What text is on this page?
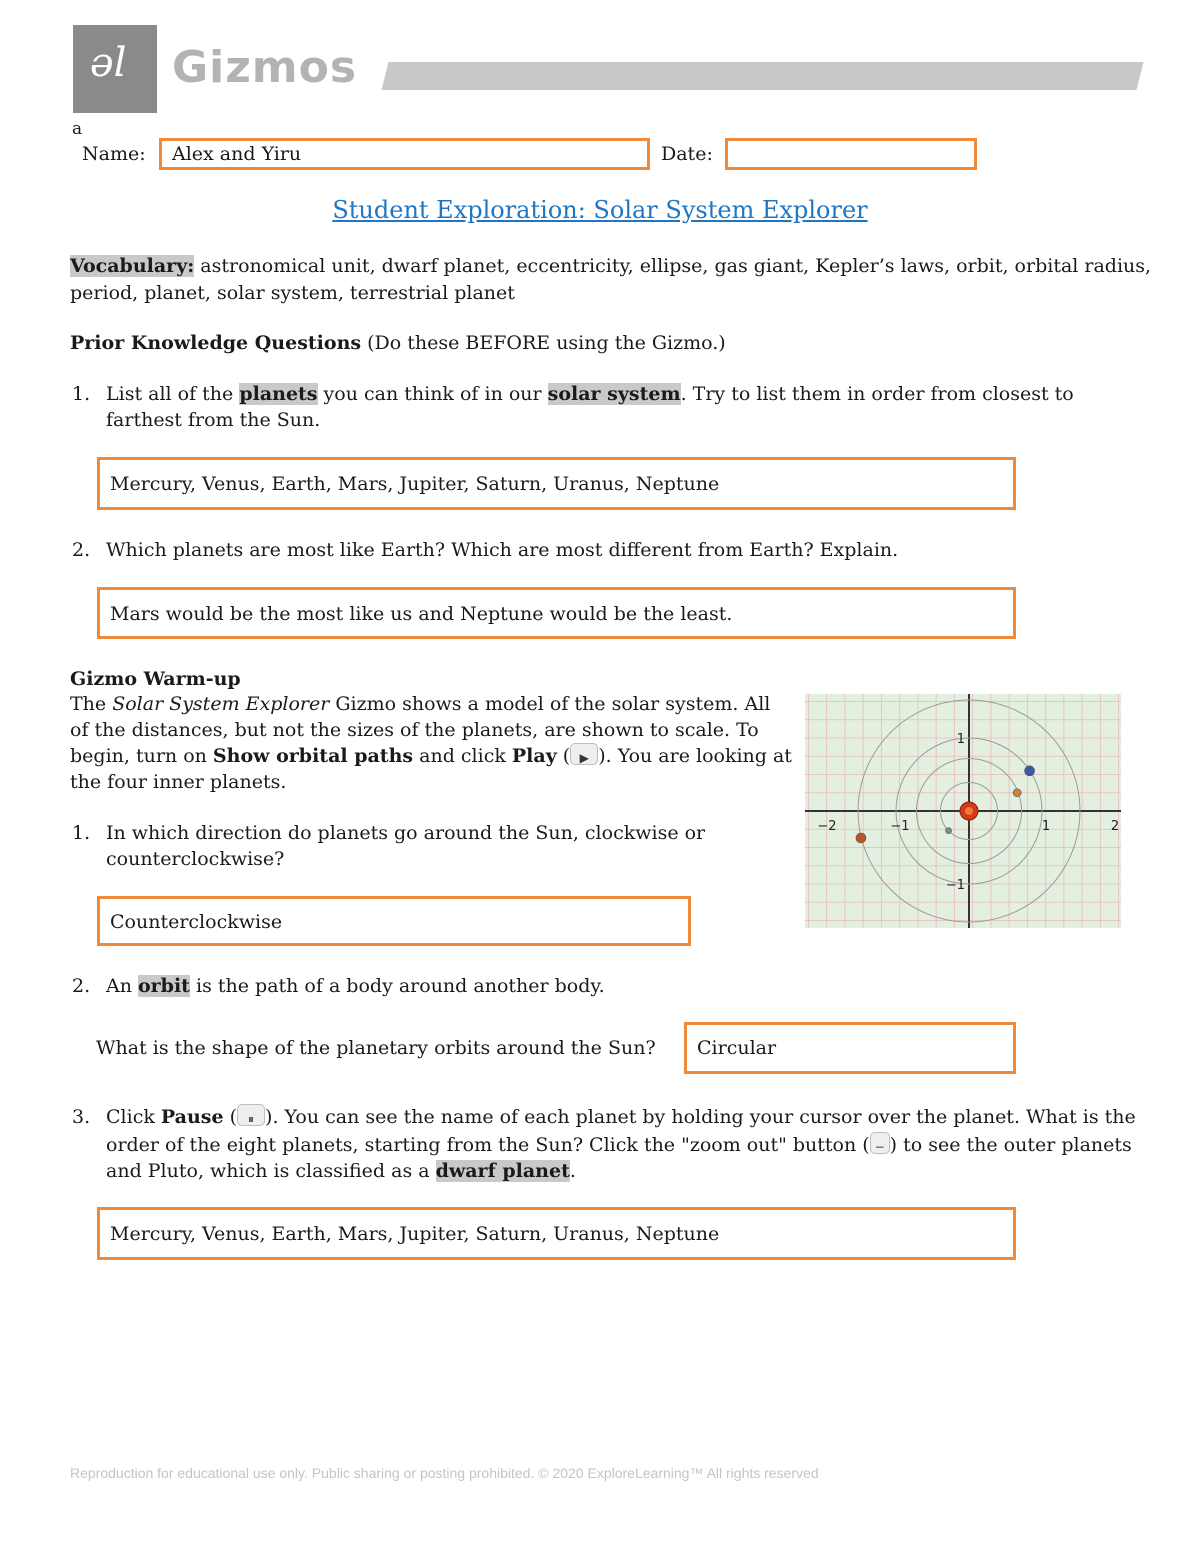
ǝl Gizmos
a
Name:	Alex and Yiru	Date:
Student Exploration: Solar System Explorer
Vocabulary: astronomical unit, dwarf planet, eccentricity, ellipse, gas giant, Kepler’s laws, orbit, orbital radius,
period, planet, solar system, terrestrial planet
Prior Knowledge Questions (Do these BEFORE using the Gizmo.)
1. List all of the planets you can think of in our solar system. Try to list them in order from closest to
farthest from the Sun.
Mercury, Venus, Earth, Mars, Jupiter, Saturn, Uranus, Neptune
2. Which planets are most like Earth? Which are most different from Earth? Explain.
Mars would be the most like us and Neptune would be the least.
Gizmo Warm-up
The Solar System Explorer Gizmo shows a model of the solar system. All
of the distances, but not the sizes of the planets, are shown to scale. To
begin, turn on Show orbital paths and click Play ( ▶ ). You are looking at
the four inner planets.
−2	−1	1	2
1
−1
1. In which direction do planets go around the Sun, clockwise or
counterclockwise?
Counterclockwise
2. An orbit is the path of a body around another body.
What is the shape of the planetary orbits around the Sun?	Circular
3. Click Pause ( ⏸ ). You can see the name of each planet by holding your cursor over the planet. What is the
order of the eight planets, starting from the Sun? Click the "zoom out" button ( − ) to see the outer planets
and Pluto, which is classified as a dwarf planet.
Mercury, Venus, Earth, Mars, Jupiter, Saturn, Uranus, Neptune
Reproduction for educational use only. Public sharing or posting prohibited. © 2020 ExploreLearning™ All rights reserved
